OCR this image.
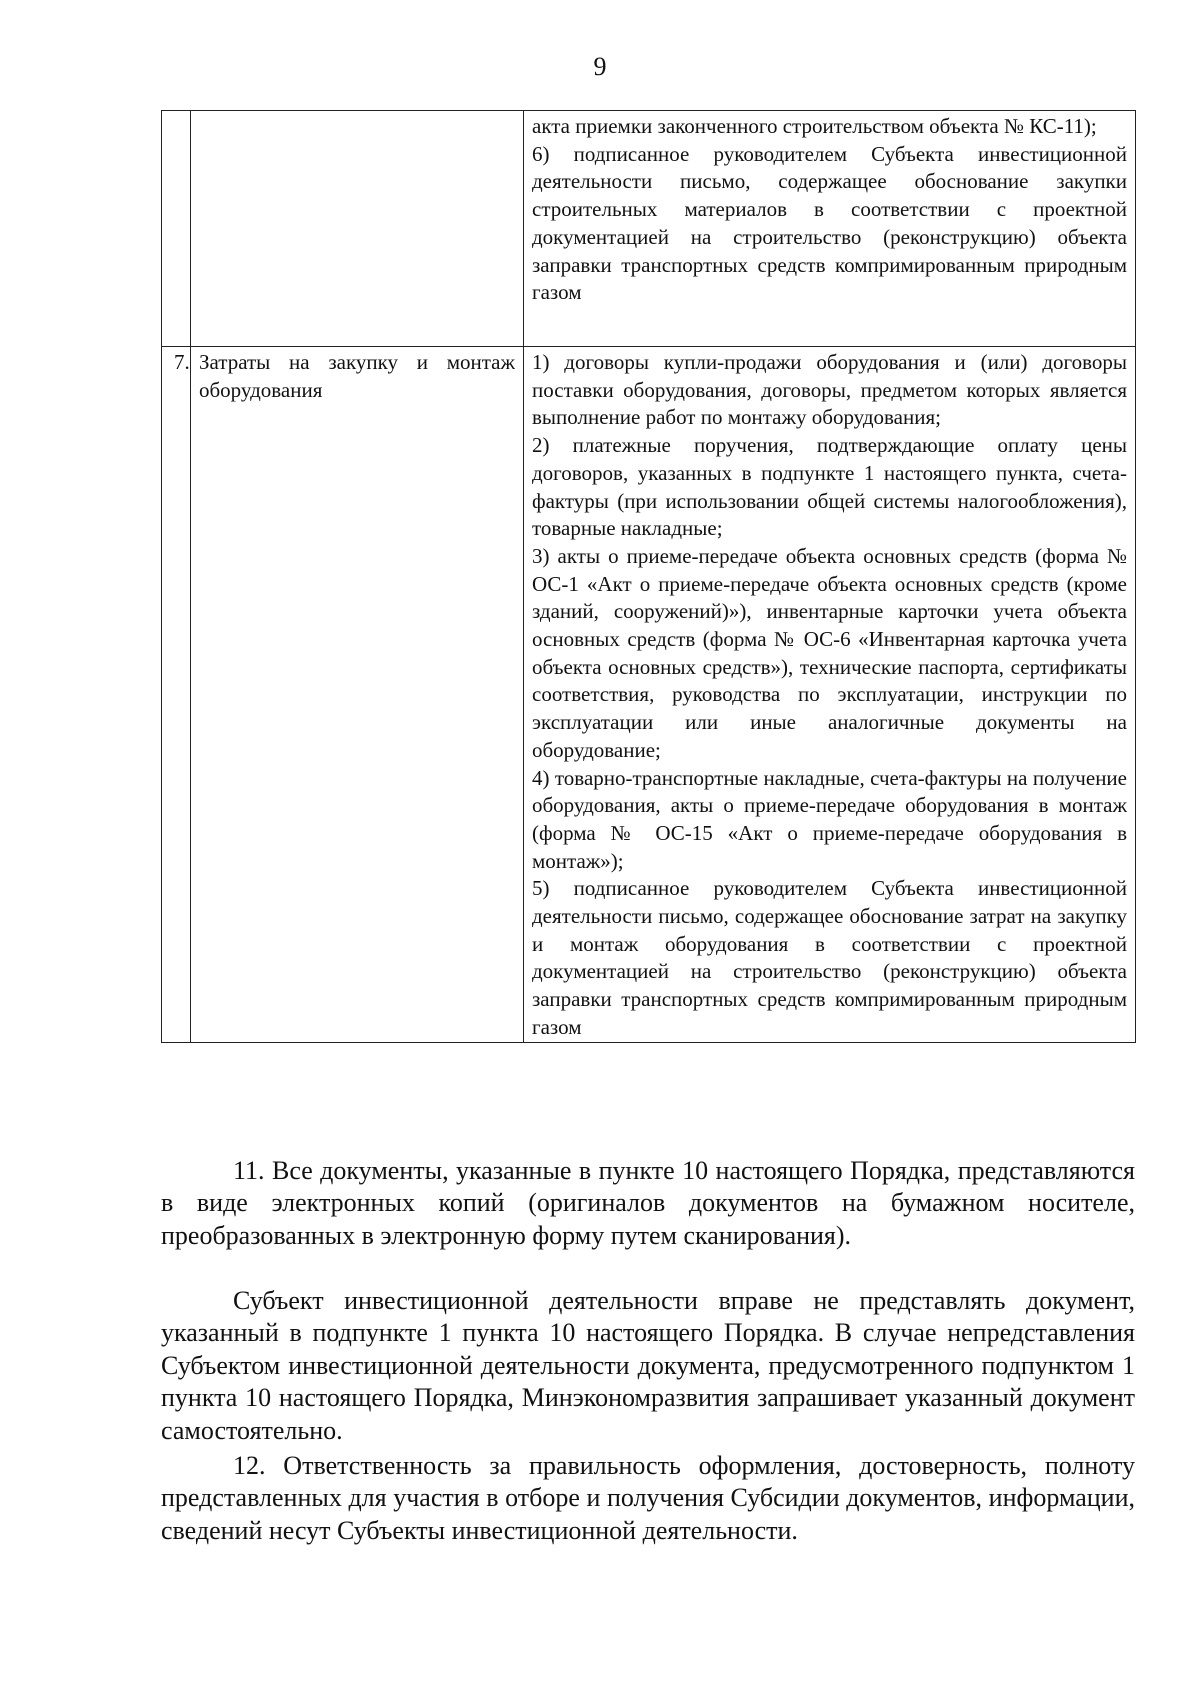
9

		акта приемки законченного строительством объекта № КС-11);
6) подписанное руководителем Субъекта инвестиционной деятельности письмо, содержащее обоснование закупки строительных материалов в соответствии с проектной документацией на строительство (реконструкцию) объекта заправки транспортных средств компримированным природным газом

7.	Затраты на закупку и монтаж оборудования	1) договоры купли-продажи оборудования и (или) договоры поставки оборудования, договоры, предметом которых является выполнение работ по монтажу оборудования;
2) платежные поручения, подтверждающие оплату цены договоров, указанных в подпункте 1 настоящего пункта, счета-фактуры (при использовании общей системы налогообложения), товарные накладные;
3) акты о приеме-передаче объекта основных средств (форма № ОС-1 «Акт о приеме-передаче объекта основных средств (кроме зданий, сооружений)»), инвентарные карточки учета объекта основных средств (форма № ОС-6 «Инвентарная карточка учета объекта основных средств»), технические паспорта, сертификаты соответствия, руководства по эксплуатации, инструкции по эксплуатации или иные аналогичные документы на оборудование;
4) товарно-транспортные накладные, счета-фактуры на получение оборудования, акты о приеме-передаче оборудования в монтаж (форма № ОС-15 «Акт о приеме-передаче оборудования в монтаж»);
5) подписанное руководителем Субъекта инвестиционной деятельности письмо, содержащее обоснование затрат на закупку и монтаж оборудования в соответствии с проектной документацией на строительство (реконструкцию) объекта заправки транспортных средств компримированным природным газом

11. Все документы, указанные в пункте 10 настоящего Порядка, представляются в виде электронных копий (оригиналов документов на бумажном носителе, преобразованных в электронную форму путем сканирования).

Субъект инвестиционной деятельности вправе не представлять документ, указанный в подпункте 1 пункта 10 настоящего Порядка. В случае непредставления Субъектом инвестиционной деятельности документа, предусмотренного подпунктом 1 пункта 10 настоящего Порядка, Минэкономразвития запрашивает указанный документ самостоятельно.

12. Ответственность за правильность оформления, достоверность, полноту представленных для участия в отборе и получения Субсидии документов, информации, сведений несут Субъекты инвестиционной деятельности.
